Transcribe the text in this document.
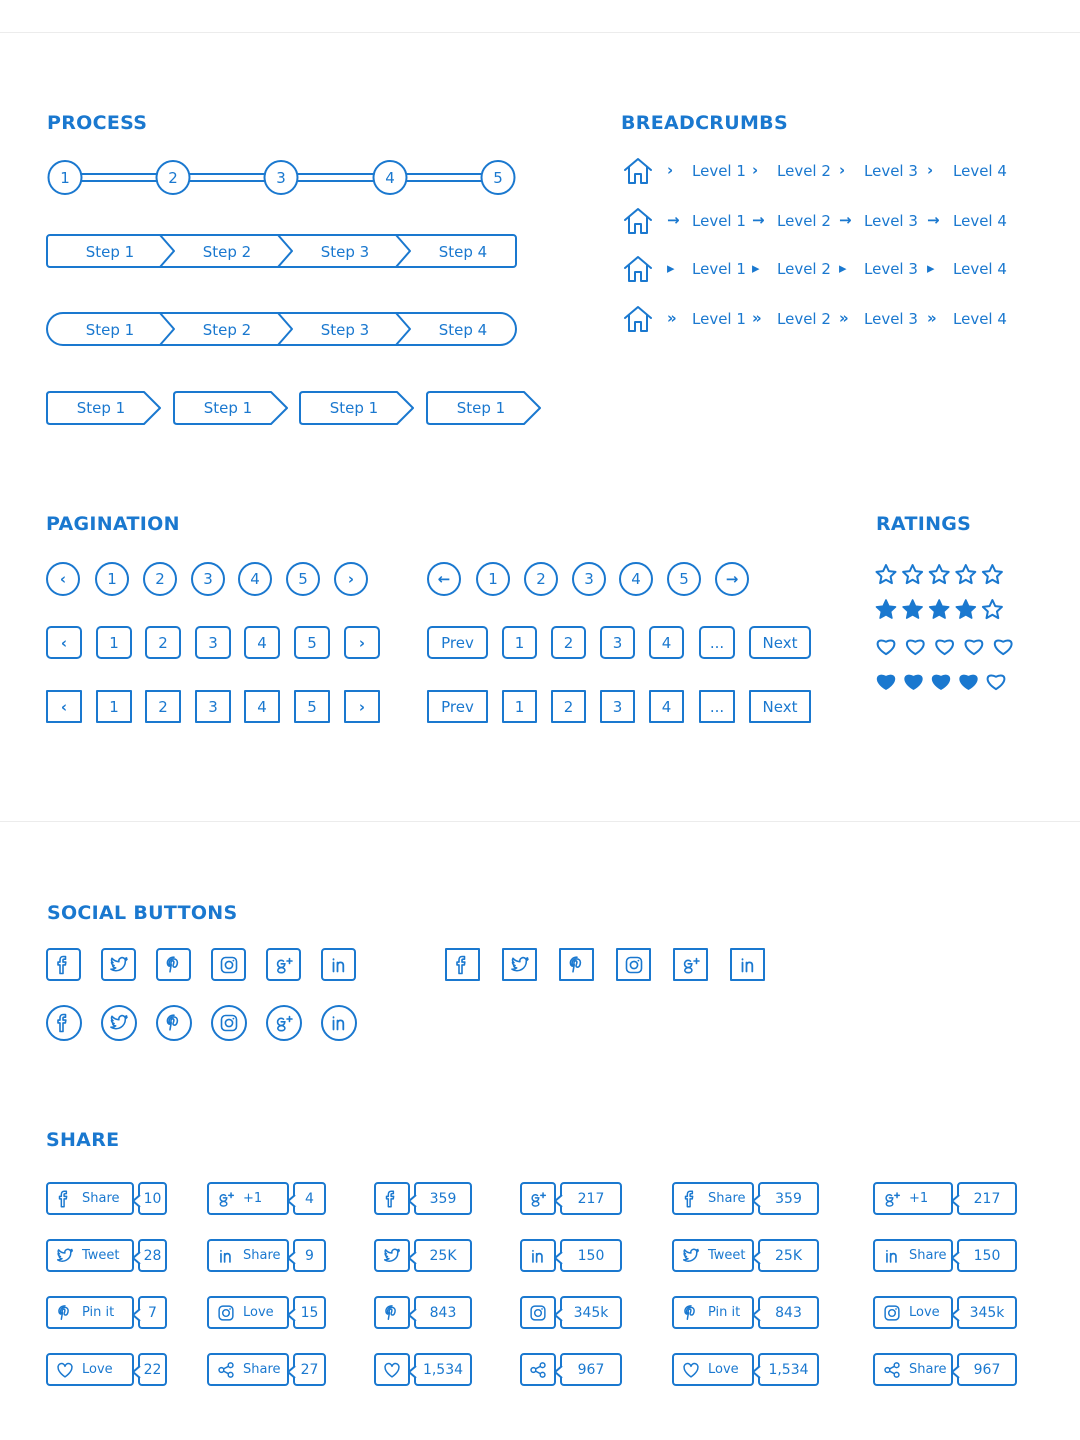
PROCESS	BREADCRUMBS
PAGINATION	RATINGS
SOCIAL BUTTONS
SHARE
1	2	3	4	5
Step 1	Step 2	Step 3	Step 4
Step 1	Step 2	Step 3	Step 4
Step 1	Step 1	Step 1	Step 1
› Level 1 › Level 2 › Level 3 › Level 4
→ Level 1 → Level 2 → Level 3 → Level 4
▸ Level 1 ▸ Level 2 ▸ Level 3 ▸ Level 4
» Level 1 » Level 2 » Level 3 » Level 4
‹	1	2	3	4	5	›	←	1	2	3	4	5	→
‹	1	2	3	4	5	›
‹	1	2	3	4	5	›
Prev	1	2	3	4	...	Next
Prev	1	2	3	4	...	Next
Share	10
Tweet	28
Pin it	7
Love	22
+1	4
Share	9
Love	15
Share	27
359
25K
843
1,534
217
150
345k
967
Share	359
Tweet	25K
Pin it	843
Love	1,534
+1	217
Share	150
Love	345k
Share	967
